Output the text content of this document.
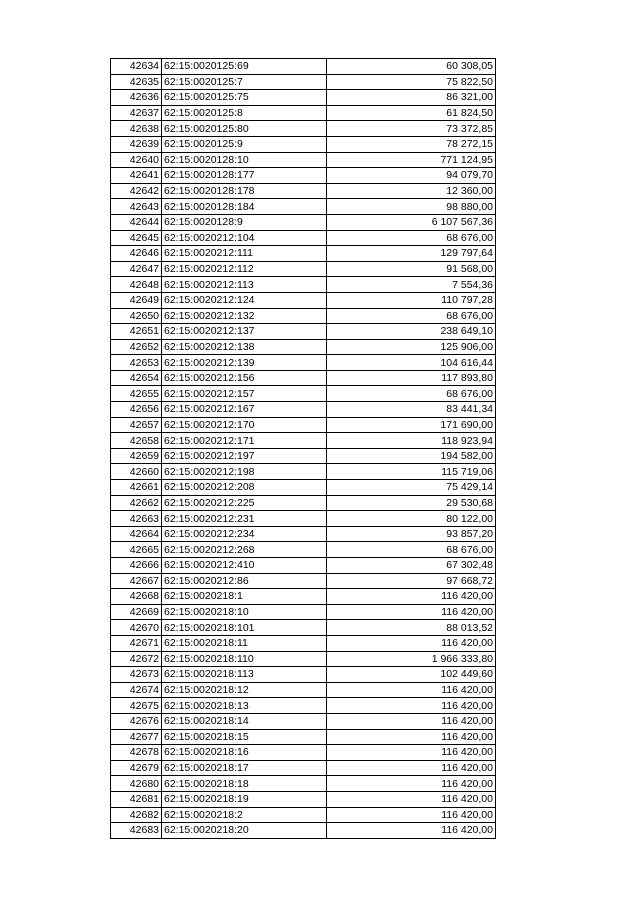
42634	62:15:0020125:69	60 308,05
42635	62:15:0020125:7	75 822,50
42636	62:15:0020125:75	86 321,00
42637	62:15:0020125:8	61 824,50
42638	62:15:0020125:80	73 372,85
42639	62:15:0020125:9	78 272,15
42640	62:15:0020128:10	771 124,95
42641	62:15:0020128:177	94 079,70
42642	62:15:0020128:178	12 360,00
42643	62:15:0020128:184	98 880,00
42644	62:15:0020128:9	6 107 567,36
42645	62:15:0020212:104	68 676,00
42646	62:15:0020212:111	129 797,64
42647	62:15:0020212:112	91 568,00
42648	62:15:0020212:113	7 554,36
42649	62:15:0020212:124	110 797,28
42650	62:15:0020212:132	68 676,00
42651	62:15:0020212:137	238 649,10
42652	62:15:0020212:138	125 906,00
42653	62:15:0020212:139	104 616,44
42654	62:15:0020212:156	117 893,80
42655	62:15:0020212:157	68 676,00
42656	62:15:0020212:167	83 441,34
42657	62:15:0020212:170	171 690,00
42658	62:15:0020212:171	118 923,94
42659	62:15:0020212:197	194 582,00
42660	62:15:0020212:198	115 719,06
42661	62:15:0020212:208	75 429,14
42662	62:15:0020212:225	29 530,68
42663	62:15:0020212:231	80 122,00
42664	62:15:0020212:234	93 857,20
42665	62:15:0020212:268	68 676,00
42666	62:15:0020212:410	67 302,48
42667	62:15:0020212:86	97 668,72
42668	62:15:0020218:1	116 420,00
42669	62:15:0020218:10	116 420,00
42670	62:15:0020218:101	88 013,52
42671	62:15:0020218:11	116 420,00
42672	62:15:0020218:110	1 966 333,80
42673	62:15:0020218:113	102 449,60
42674	62:15:0020218:12	116 420,00
42675	62:15:0020218:13	116 420,00
42676	62:15:0020218:14	116 420,00
42677	62:15:0020218:15	116 420,00
42678	62:15:0020218:16	116 420,00
42679	62:15:0020218:17	116 420,00
42680	62:15:0020218:18	116 420,00
42681	62:15:0020218:19	116 420,00
42682	62:15:0020218:2	116 420,00
42683	62:15:0020218:20	116 420,00
